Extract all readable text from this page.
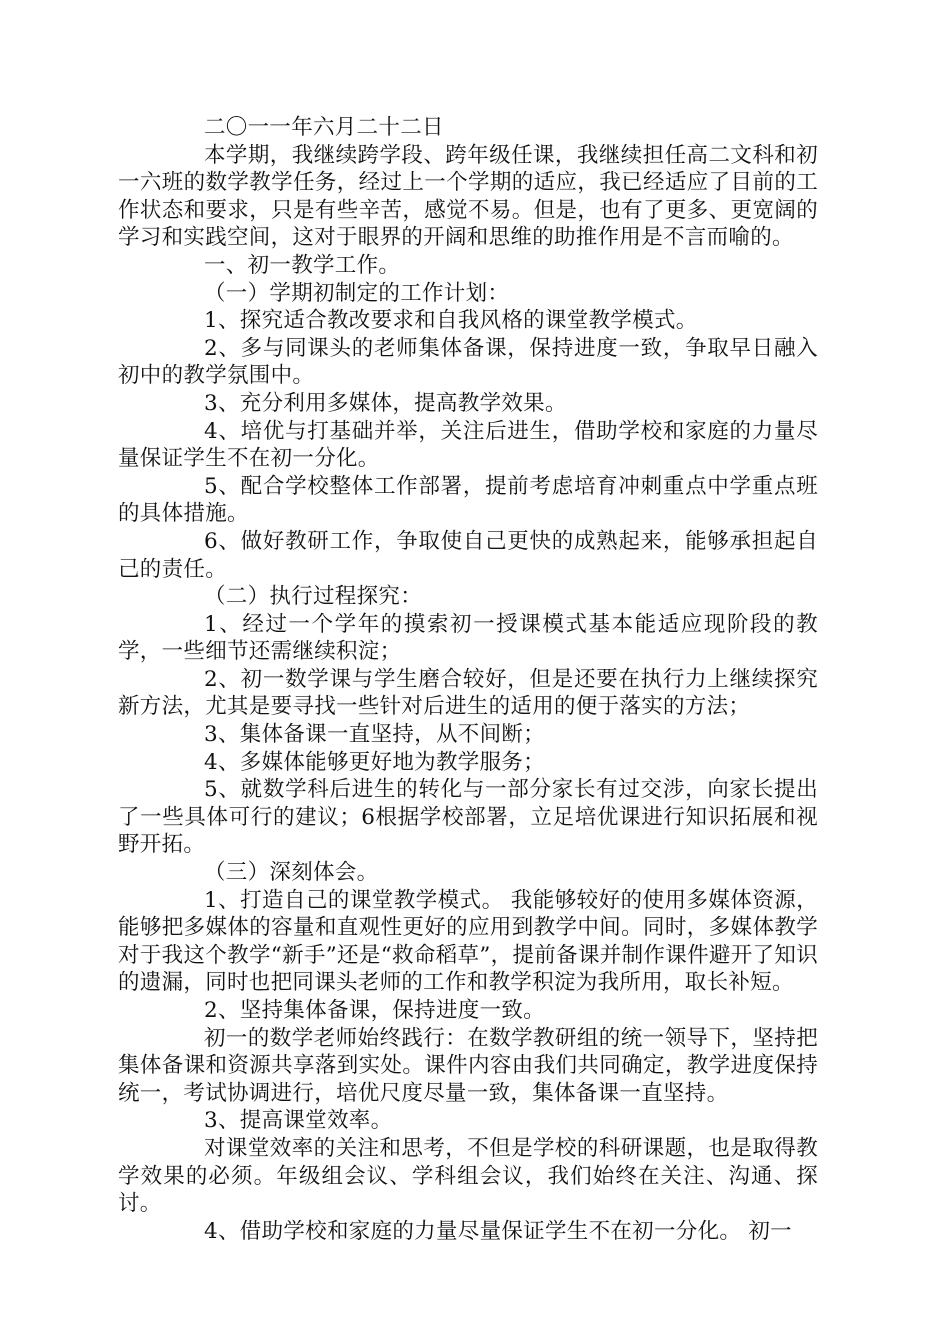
二〇一一年六月二十二日

本学期，我继续跨学段、跨年级任课，我继续担任高二文科和初一六班的数学教学任务，经过上一个学期的适应，我已经适应了目前的工作状态和要求，只是有些辛苦，感觉不易。但是，也有了更多、更宽阔的学习和实践空间，这对于眼界的开阔和思维的助推作用是不言而喻的。

一、初一教学工作。

（一）学期初制定的工作计划：

1、探究适合教改要求和自我风格的课堂教学模式。

2、多与同课头的老师集体备课，保持进度一致，争取早日融入初中的教学氛围中。

3、充分利用多媒体，提高教学效果。

4、培优与打基础并举，关注后进生，借助学校和家庭的力量尽量保证学生不在初一分化。

5、配合学校整体工作部署，提前考虑培育冲刺重点中学重点班的具体措施。

6、做好教研工作，争取使自己更快的成熟起来，能够承担起自己的责任。

（二）执行过程探究：

1、经过一个学年的摸索初一授课模式基本能适应现阶段的教学，一些细节还需继续积淀；

2、初一数学课与学生磨合较好，但是还要在执行力上继续探究新方法，尤其是要寻找一些针对后进生的适用的便于落实的方法；

3、集体备课一直坚持，从不间断；

4、多媒体能够更好地为教学服务；

5、就数学科后进生的转化与一部分家长有过交涉，向家长提出了一些具体可行的建议；6根据学校部署，立足培优课进行知识拓展和视野开拓。

（三）深刻体会。

1、打造自己的课堂教学模式。 我能够较好的使用多媒体资源，能够把多媒体的容量和直观性更好的应用到教学中间。同时，多媒体教学对于我这个教学“新手”还是“救命稻草”，提前备课并制作课件避开了知识的遗漏，同时也把同课头老师的工作和教学积淀为我所用，取长补短。

2、坚持集体备课，保持进度一致。

初一的数学老师始终践行：在数学教研组的统一领导下，坚持把集体备课和资源共享落到实处。课件内容由我们共同确定，教学进度保持统一，考试协调进行，培优尺度尽量一致，集体备课一直坚持。

3、提高课堂效率。

对课堂效率的关注和思考，不但是学校的科研课题，也是取得教学效果的必须。年级组会议、学科组会议，我们始终在关注、沟通、探讨。

4、借助学校和家庭的力量尽量保证学生不在初一分化。 初一
